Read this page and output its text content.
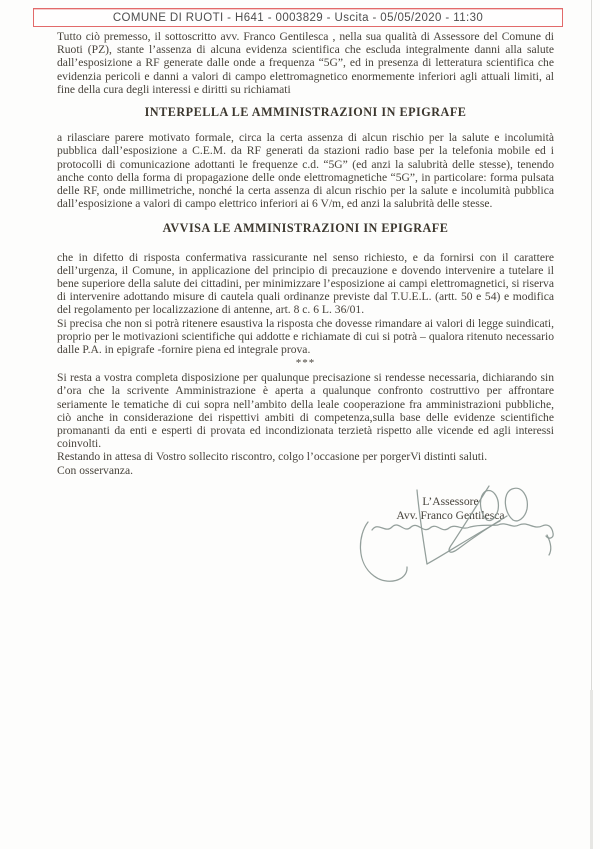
COMUNE DI RUOTI - H641 - 0003829 - Uscita - 05/05/2020 - 11:30

Tutto ciò premesso, il sottoscritto avv. Franco Gentilesca , nella sua qualità di Assessore del Comune di Ruoti (PZ), stante l’assenza di alcuna evidenza scientifica che escluda integralmente danni alla salute dall’esposizione a RF generate dalle onde a frequenza “5G”, ed in presenza di letteratura scientifica che evidenzia pericoli e danni a valori di campo elettromagnetico enormemente inferiori agli attuali limiti, al fine della cura degli interessi e diritti su richiamati

INTERPELLA LE AMMINISTRAZIONI IN EPIGRAFE

a rilasciare parere motivato formale, circa la certa assenza di alcun rischio per la salute e incolumità pubblica dall’esposizione a C.E.M. da RF generati da stazioni radio base per la telefonia mobile ed i protocolli di comunicazione adottanti le frequenze c.d. “5G” (ed anzi la salubrità delle stesse), tenendo anche conto della forma di propagazione delle onde elettromagnetiche “5G”, in particolare: forma pulsata delle RF, onde millimetriche, nonché la certa assenza di alcun rischio per la salute e incolumità pubblica dall’esposizione a valori di campo elettrico inferiori ai 6 V/m, ed anzi la salubrità delle stesse.

AVVISA LE AMMINISTRAZIONI IN EPIGRAFE

che in difetto di risposta confermativa rassicurante nel senso richiesto, e da fornirsi con il carattere dell’urgenza, il Comune, in applicazione del principio di precauzione e dovendo intervenire a tutelare il bene superiore della salute dei cittadini, per minimizzare l’esposizione ai campi elettromagnetici, si riserva di intervenire adottando misure di cautela quali ordinanze previste dal T.U.E.L. (artt. 50 e 54) e modifica del regolamento per localizzazione di antenne, art. 8 c. 6 L. 36/01.

Si precisa che non si potrà ritenere esaustiva la risposta che dovesse rimandare ai valori di legge suindicati, proprio per le motivazioni scientifiche qui addotte e richiamate di cui si potrà – qualora ritenuto necessario dalle P.A. in epigrafe -fornire piena ed integrale prova.

***

Si resta a vostra completa disposizione per qualunque precisazione si rendesse necessaria, dichiarando sin d’ora che la scrivente Amministrazione è aperta a qualunque confronto costruttivo per affrontare seriamente le tematiche di cui sopra nell’ambito della leale cooperazione fra amministrazioni pubbliche, ciò anche in considerazione dei rispettivi ambiti di competenza,sulla base delle evidenze scientifiche promananti da enti e esperti di provata ed incondizionata terzietà rispetto alle vicende ed agli interessi coinvolti.

Restando in attesa di Vostro sollecito riscontro, colgo l’occasione per porgerVi distinti saluti.

Con osservanza.

L’Assessore
Avv. Franco Gentilesca
